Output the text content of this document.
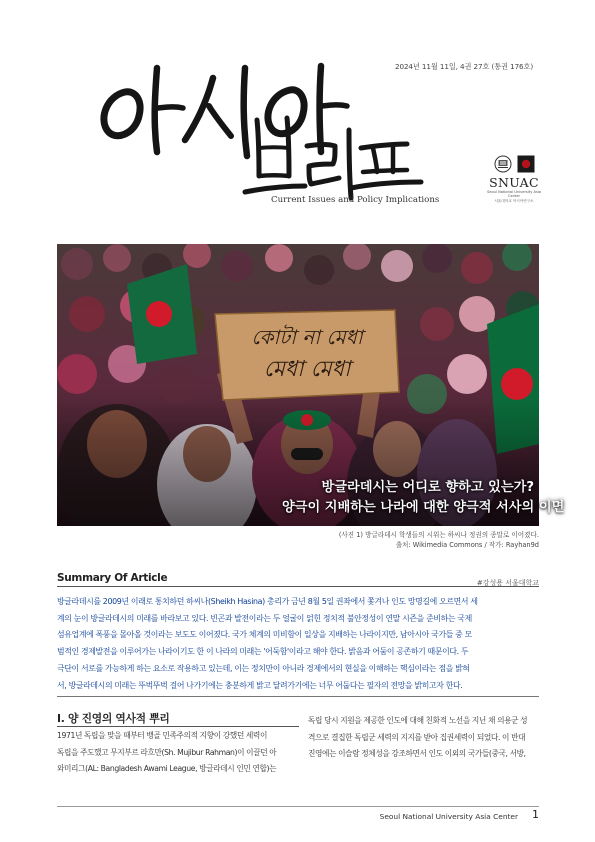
2024년 11월 11일, 4권 27호 (통권 176호)
Current Issues and Policy Implications
SNUAC
Seoul National University Asia Center
서울대학교 아시아연구소
방글라데시는 어디로 향하고 있는가?
양극이 지배하는 나라에 대한 양극적 서사의 이면
(사진 1) 방글라데시 학생들의 시위는 하씨나 정권의 종말로 이어졌다.
출처: Wikimedia Commons / 작가: Rayhan9d
Summary Of Article	#강성용 서울대학교
방글라데시를 2009년 이래로 통치하던 하씨나(Sheikh Hasina) 총리가 금년 8월 5일 권좌에서 쫓겨나 인도 망명길에 오르면서 세
계의 눈이 방글라데시의 미래를 바라보고 있다. 빈곤과 발전이라는 두 얼굴이 얽힌 정치적 불안정성이 연말 시즌을 준비하는 국제
섬유업계에 폭풍을 몰아올 것이라는 보도도 이어졌다. 국가 체계의 미비함이 일상을 지배하는 나라이지만, 남아시아 국가들 중 모
범적인 경제발전을 이루어가는 나라이기도 한 이 나라의 미래는 '어둑함'이라고 해야 한다. 밝음과 어둠이 공존하기 때문이다. 두
극단이 서로를 가능하게 하는 요소로 작용하고 있는데, 이는 정치만이 아니라 경제에서의 현실을 이해하는 핵심이라는 점을 밝혀
서, 방글라데시의 미래는 뚜벅뚜벅 걸어 나가기에는 충분하게 밝고 달려가기에는 너무 어둡다는 필자의 전망을 밝히고자 한다.
I. 양 진영의 역사적 뿌리
1971년 독립을 맞을 때부터 뱅골 민족주의적 지향이 강했던 세력이
독립을 주도했고 무지부르 라흐만(Sh. Mujibur Rahman)이 이끌던 아
와미리그(AL: Bangladesh Awami League, 방글라데시 인민 연합)는
독립 당시 지원을 제공한 인도에 대해 친화적 노선을 지닌 채 의용군 성
격으로 결집한 독립군 세력의 지지를 받아 집권세력이 되었다. 이 반대
진영에는 이슬람 정체성을 강조하면서 인도 이외의 국가들(중국, 서방,
Seoul National University Asia Center	1
